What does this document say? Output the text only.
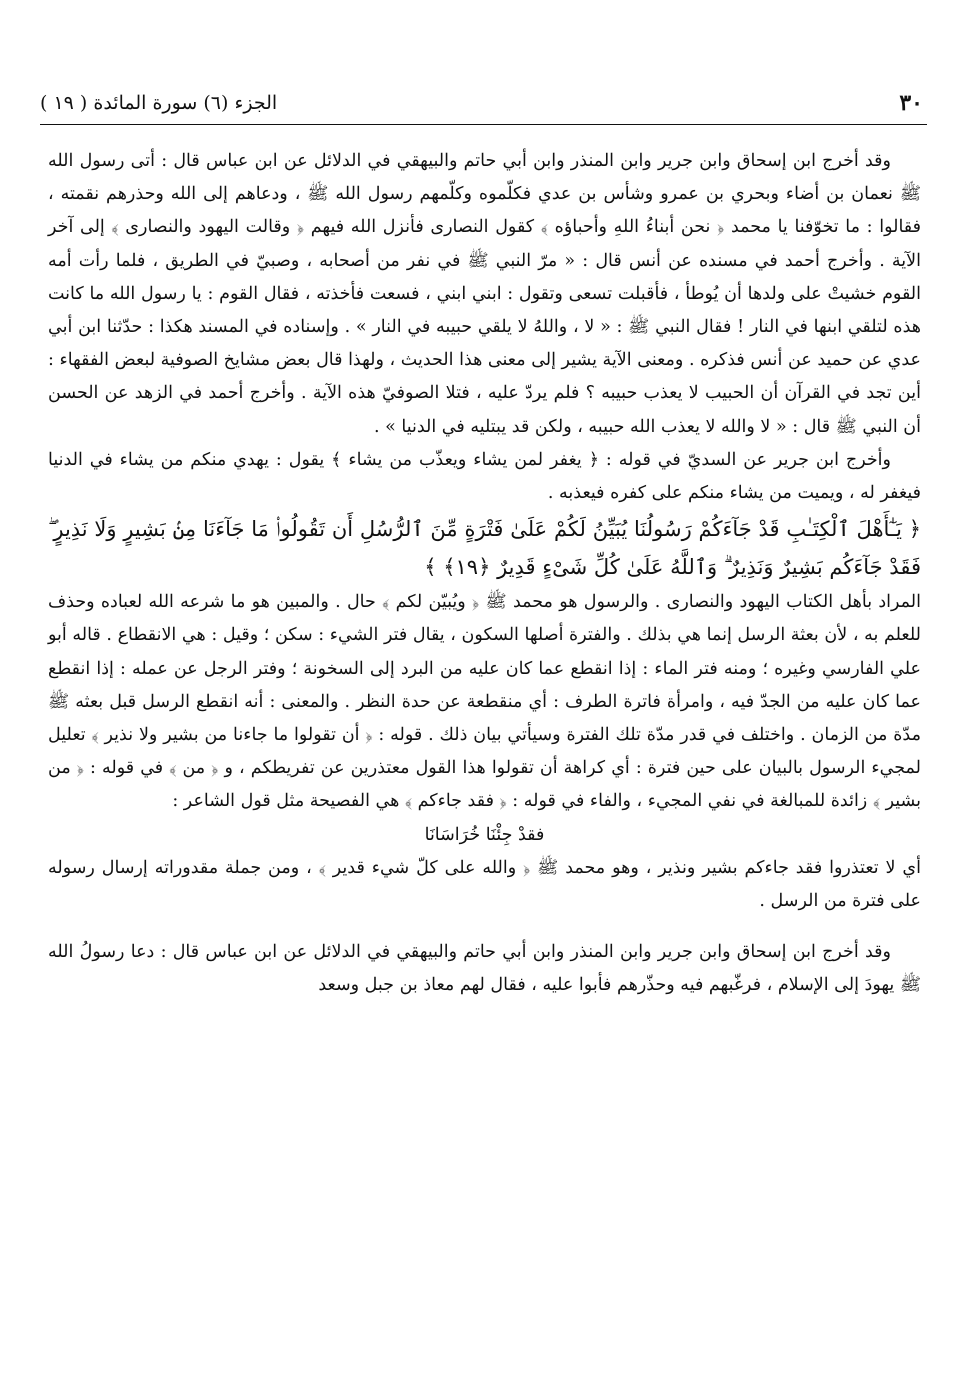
٣٠
الجزء (٦) سورة المائدة ( ١٩ )

وقد أخرج ابن إسحاق وابن جرير وابن المنذر وابن أبي حاتم والبيهقي في الدلائل عن ابن عباس قال : أتى رسول الله ﷺ نعمان بن أضاء وبحري بن عمرو وشأس بن عدي فكلّموه وكلّمهم رسول الله ﷺ ، ودعاهم إلى الله وحذرهم نقمته ، فقالوا : ما تخوّفنا يا محمد ﴿ نحن أبناءُ اللهِ وأحباؤه ﴾ كقول النصارى فأنزل الله فيهم ﴿ وقالت اليهود والنصارى ﴾ إلى آخر الآية . وأخرج أحمد في مسنده عن أنس قال : « مرّ النبي ﷺ في نفر من أصحابه ، وصبيّ في الطريق ، فلما رأت أمه القوم خشيتْ على ولدها أن يُوطأ ، فأقبلت تسعى وتقول : ابني ابني ، فسعت فأخذته ، فقال القوم : يا رسول الله ما كانت هذه لتلقي ابنها في النار ! فقال النبي ﷺ : « لا ، واللهُ لا يلقي حبيبه في النار » . وإسناده في المسند هكذا : حدّثنا ابن أبي عدي عن حميد عن أنس فذكره . ومعنى الآية يشير إلى معنى هذا الحديث ، ولهذا قال بعض مشايخ الصوفية لبعض الفقهاء : أين تجد في القرآن أن الحبيب لا يعذب حبيبه ؟ فلم يردّ عليه ، فتلا الصوفيّ هذه الآية . وأخرج أحمد في الزهد عن الحسن أن النبي ﷺ قال : « لا والله لا يعذب الله حبيبه ، ولكن قد يبتليه في الدنيا » .

وأخرج ابن جرير عن السديّ في قوله : ﴿ يغفر لمن يشاء ويعذّب من يشاء ﴾ يقول : يهدي منكم من يشاء في الدنيا فيغفر له ، ويميت من يشاء منكم على كفره فيعذبه .

﴿ يَـٰٓأَهْلَ ٱلْكِتَـٰبِ قَدْ جَآءَكُمْ رَسُولُنَا يُبَيِّنُ لَكُمْ عَلَىٰ فَتْرَةٍ مِّنَ ٱلرُّسُلِ أَن تَقُولُوا۟ مَا جَآءَنَا مِنۢ بَشِيرٍ وَلَا نَذِيرٍ ۖ فَقَدْ جَآءَكُم بَشِيرٌ وَنَذِيرٌ ۗ وَٱللَّهُ عَلَىٰ كُلِّ شَىْءٍ قَدِيرٌ ﴿١٩﴾ ﴾

المراد بأهل الكتاب اليهود والنصارى . والرسول هو محمد ﷺ ﴿ ويُبيّن لكم ﴾ حال . والمبين هو ما شرعه الله لعباده وحذف للعلم به ، لأن بعثة الرسل إنما هي بذلك . والفترة أصلها السكون ، يقال فتر الشيء : سكن ؛ وقيل : هي الانقطاع . قاله أبو علي الفارسي وغيره ؛ ومنه فتر الماء : إذا انقطع عما كان عليه من البرد إلى السخونة ؛ وفتر الرجل عن عمله : إذا انقطع عما كان عليه من الجدّ فيه ، وامرأة فاترة الطرف : أي منقطعة عن حدة النظر . والمعنى : أنه انقطع الرسل قبل بعثه ﷺ مدّة من الزمان . واختلف في قدر مدّة تلك الفترة وسيأتي بيان ذلك . قوله : ﴿ أن تقولوا ما جاءنا من بشير ولا نذير ﴾ تعليل لمجيء الرسول بالبيان على حين فترة : أي كراهة أن تقولوا هذا القول معتذرين عن تفريطكم ، و ﴿ من ﴾ في قوله : ﴿ من بشير ﴾ زائدة للمبالغة في نفي المجيء ، والفاء في قوله : ﴿ فقد جاءكم ﴾ هي الفصيحة مثل قول الشاعر :

فقدْ جِئْنَا خُرَاسَانَا

أي لا تعتذروا فقد جاءكم بشير ونذير ، وهو محمد ﷺ ﴿ والله على كلّ شيء قدير ﴾ ، ومن جملة مقدوراته إرسال رسوله على فترة من الرسل .

وقد أخرج ابن إسحاق وابن جرير وابن المنذر وابن أبي حاتم والبيهقي في الدلائل عن ابن عباس قال : دعا رسولُ الله ﷺ يهودَ إلى الإسلام ، فرغّبهم فيه وحذّرهم فأبوا عليه ، فقال لهم معاذ بن جبل وسعد
